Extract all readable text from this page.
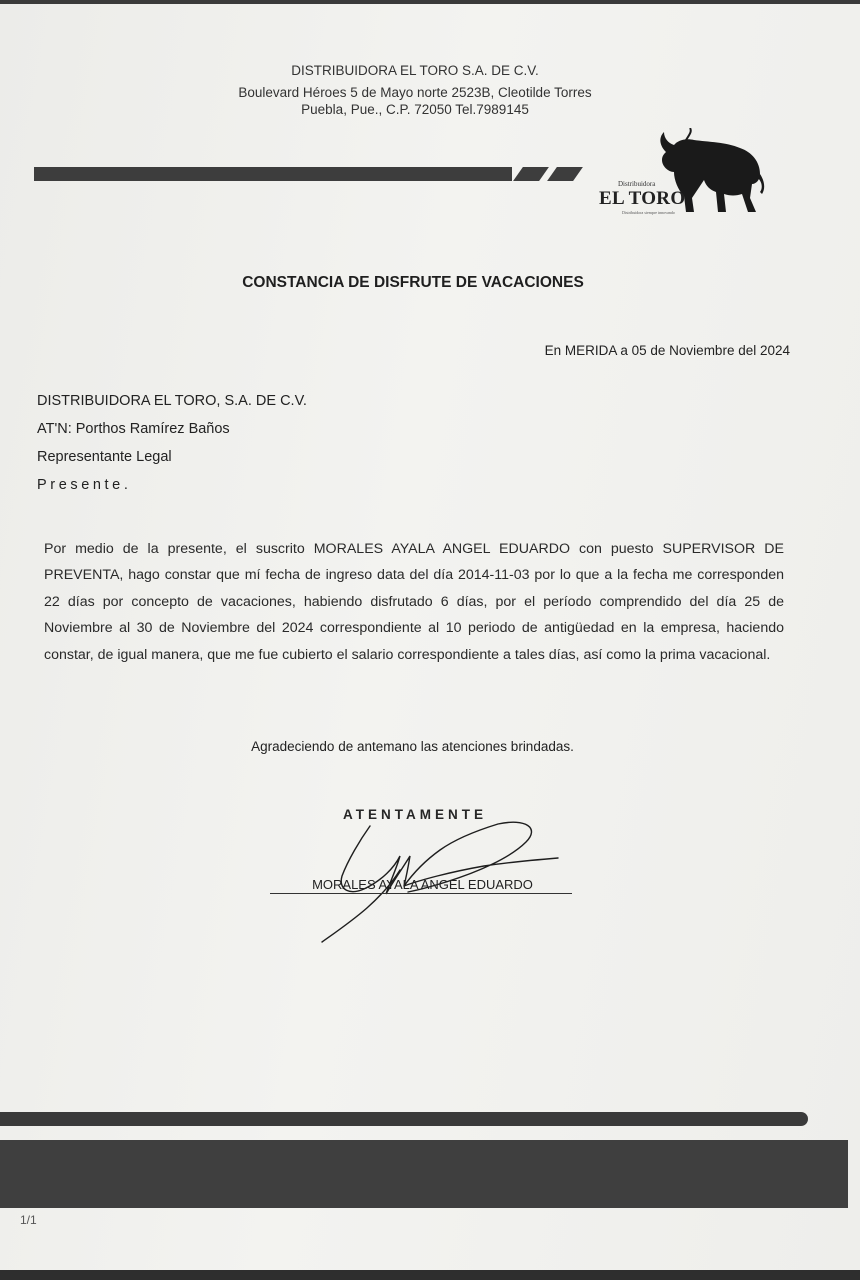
DISTRIBUIDORA EL TORO S.A. DE C.V.
Boulevard Héroes 5 de Mayo norte 2523B, Cleotilde Torres
Puebla, Pue., C.P. 72050 Tel.7989145
Distribuidora
EL TORO
Distribuidora siempre innovando
CONSTANCIA DE DISFRUTE DE VACACIONES
En MERIDA a 05 de Noviembre del 2024
DISTRIBUIDORA EL TORO, S.A. DE C.V.
AT'N: Porthos Ramírez Baños
Representante Legal
Presente.
Por medio de la presente, el suscrito MORALES AYALA ANGEL EDUARDO con puesto SUPERVISOR DE PREVENTA, hago constar que mí fecha de ingreso data del día 2014-11-03 por lo que a la fecha me corresponden 22 días por concepto de vacaciones, habiendo disfrutado 6 días, por el período comprendido del día 25 de Noviembre al 30 de Noviembre del 2024 correspondiente al 10 periodo de antigüedad en la empresa, haciendo constar, de igual manera, que me fue cubierto el salario correspondiente a tales días, así como la prima vacacional.
Agradeciendo de antemano las atenciones brindadas.
ATENTAMENTE
MORALES AYALA ANGEL EDUARDO
1/1
